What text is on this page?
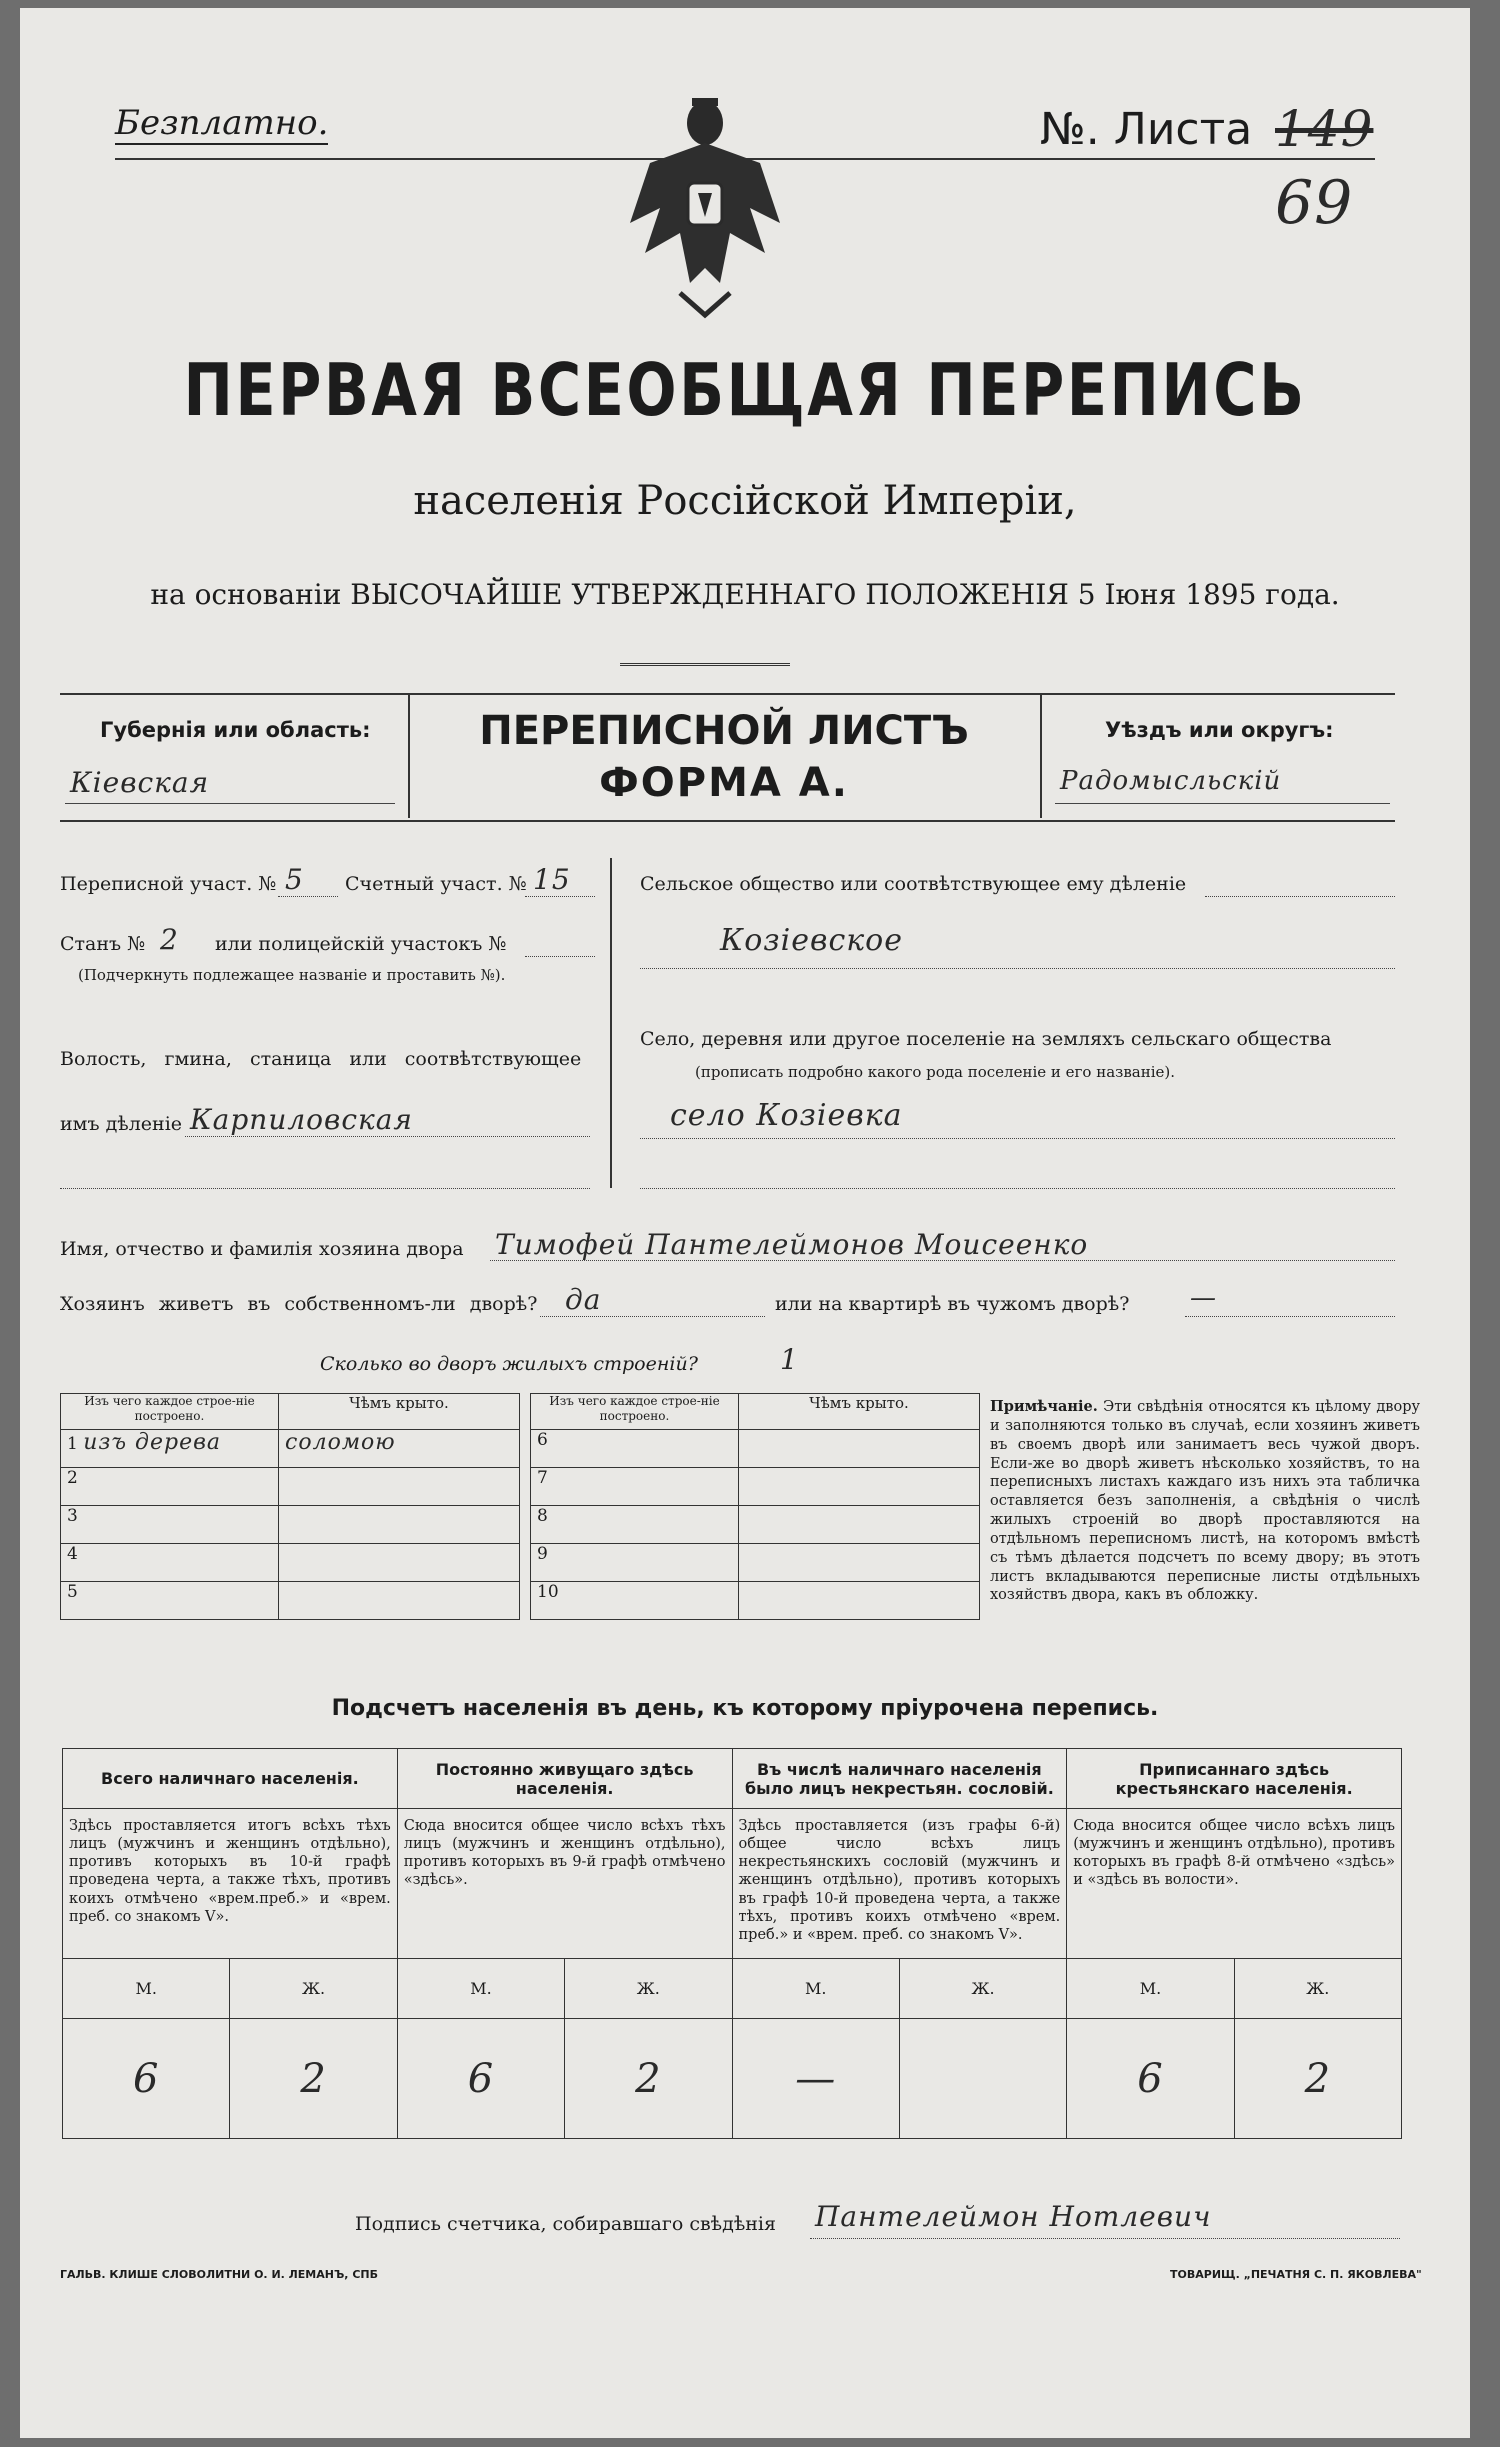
Безплатно.	№. Листа 149
69
ПЕРВАЯ ВСЕОБЩАЯ ПЕРЕПИСЬ
населенія Россійской Имперіи,
на основаніи ВЫСОЧАЙШЕ УТВЕРЖДЕННАГО ПОЛОЖЕНІЯ 5 Іюня 1895 года.
Губернія или область:
Кіевская
ПЕРЕПИСНОЙ ЛИСТЪ
ФОРМА А.
Уѣздъ или округъ:
Радомысльскій
Переписной участ. № 5 Счетный участ. № 15
Станъ № 2 или полицейскій участокъ №
(Подчеркнуть подлежащее названіе и проставить №).
Волость, гмина, станица или соотвѣтствующее
имъ дѣленіе Карпиловская
Сельское общество или соотвѣтствующее ему дѣленіе
Козіевское
Село, деревня или другое поселеніе на земляхъ сельскаго общества
(прописать подробно какого рода поселеніе и его названіе).
село Козіевка
Имя, отчество и фамилія хозяина двора Тимофей Пантелеймонов Моисеенко
Хозяинъ живетъ въ собственномъ-ли дворѣ? да	или на квартирѣ въ чужомъ дворѣ? —
Сколько во дворъ жилыхъ строеній?	1
Изъ чего каждое строе-ніе построено.	Чѣмъ крыто.
1 изъ дерева	соломою
2	
3	
4	
5	
Изъ чего каждое строе-ніе построено.	Чѣмъ крыто.
6	
7	
8	
9	
10	
Примѣчаніе. Эти свѣдѣнія относятся къ цѣлому двору и заполняются только въ случаѣ, если хозяинъ живетъ въ своемъ дворѣ или занимаетъ весь чужой дворъ. Если-же во дворѣ живетъ нѣсколько хозяйствъ, то на переписныхъ листахъ каждаго изъ нихъ эта табличка оставляется безъ заполненія, а свѣдѣнія о числѣ жилыхъ строеній во дворѣ проставляются на отдѣльномъ переписномъ листѣ, на которомъ вмѣстѣ съ тѣмъ дѣлается подсчетъ по всему двору; въ этотъ листъ вкладываются переписные листы отдѣльныхъ хозяйствъ двора, какъ въ обложку.
Подсчетъ населенія въ день, къ которому пріурочена перепись.
Всего наличнаго населенія.		Постоянно живущаго здѣсь населенія.		Въ числѣ наличнаго населенія было лицъ некрестьян. сословій.		Приписаннаго здѣсь крестьянскаго населенія.	
Здѣсь проставляется итогъ всѣхъ тѣхъ лицъ (мужчинъ и женщинъ отдѣльно), противъ которыхъ въ 10-й графѣ проведена черта, а также тѣхъ, противъ коихъ отмѣчено «врем.преб.» и «врем. преб. со знакомъ V».		Сюда вносится общее число всѣхъ тѣхъ лицъ (мужчинъ и женщинъ отдѣльно), противъ которыхъ въ 9-й графѣ отмѣчено «здѣсь».		Здѣсь проставляется (изъ графы 6-й) общее число всѣхъ лицъ некрестьянскихъ сословій (мужчинъ и женщинъ отдѣльно), противъ которыхъ въ графѣ 10-й проведена черта, а также тѣхъ, противъ коихъ отмѣчено «врем. преб.» и «врем. преб. со знакомъ V».		Сюда вносится общее число всѣхъ лицъ (мужчинъ и женщинъ отдѣльно), противъ которыхъ въ графѣ 8-й отмѣчено «здѣсь» и «здѣсь въ волости».	
М.	Ж.	М.	Ж.	М.	Ж.	М.	Ж.
6	2	6	2	—		6	2
Подпись счетчика, собиравшаго свѣдѣнія Пантелеймон Нотлевич
ГАЛЬВ. КЛИШЕ СЛОВОЛИТНИ О. И. ЛЕМАНЪ, СПБ	ТОВАРИЩ. „ПЕЧАТНЯ С. П. ЯКОВЛЕВА"
